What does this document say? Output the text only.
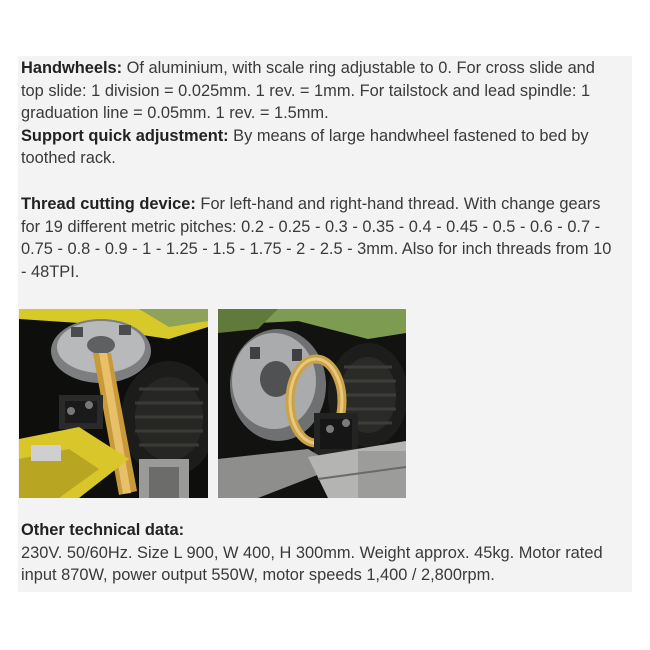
Handwheels: Of aluminium, with scale ring adjustable to 0. For cross slide and top slide: 1 division = 0.025mm. 1 rev. = 1mm. For tailstock and lead spindle: 1 graduation line = 0.05mm. 1 rev. = 1.5mm.
Support quick adjustment: By means of large handwheel fastened to bed by toothed rack.

Thread cutting device: For left-hand and right-hand thread. With change gears for 19 different metric pitches: 0.2 - 0.25 - 0.3 - 0.35 - 0.4 - 0.45 - 0.5 - 0.6 - 0.7 - 0.75 - 0.8 - 0.9 - 1 - 1.25 - 1.5 - 1.75 - 2 - 2.5 - 3mm. Also for inch threads from 10 - 48TPI.

Other technical data:
230V. 50/60Hz. Size L 900, W 400, H 300mm. Weight approx. 45kg. Motor rated input 870W, power output 550W, motor speeds 1,400 / 2,800rpm.
